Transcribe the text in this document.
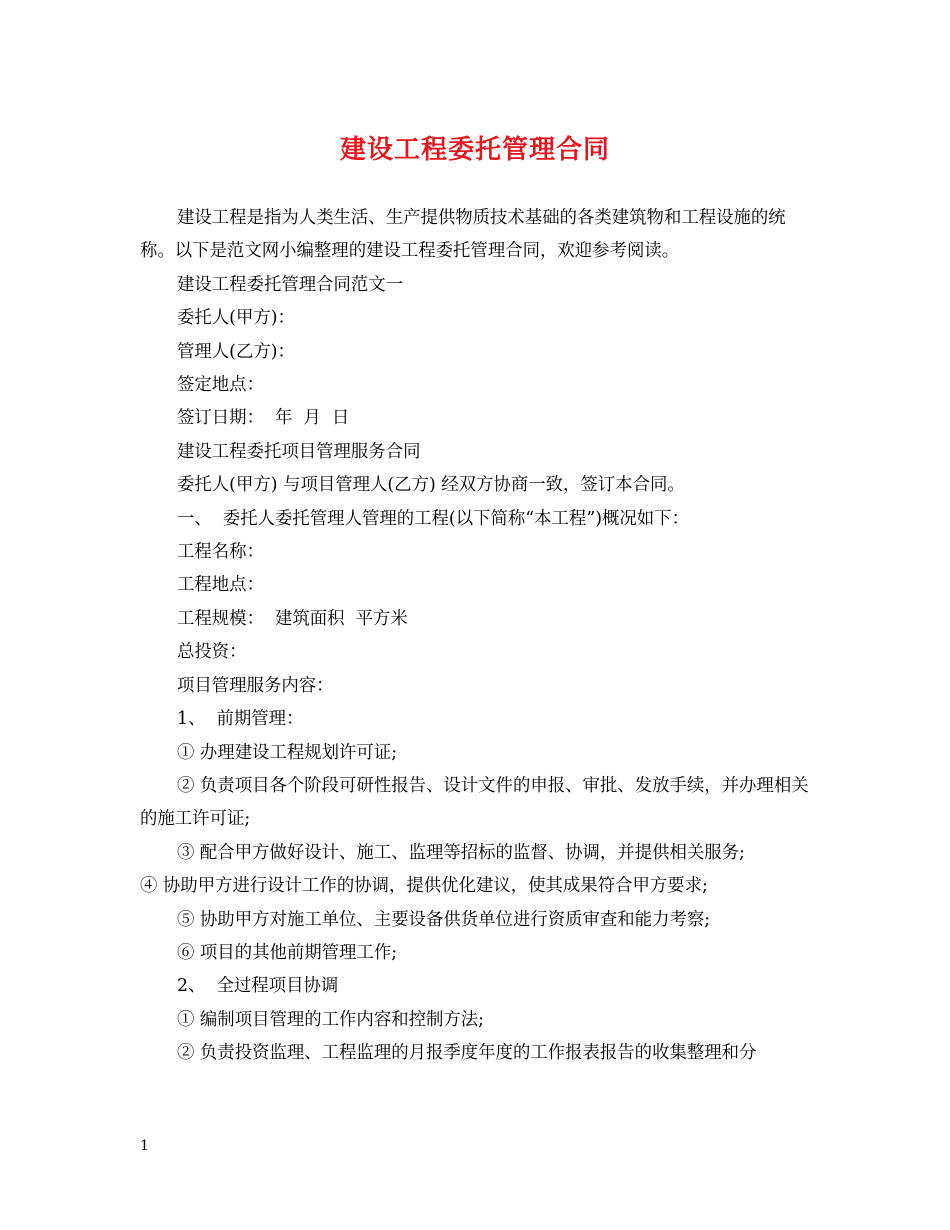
建设工程委托管理合同

建设工程是指为人类生活、生产提供物质技术基础的各类建筑物和工程设施的统称。以下是范文网小编整理的建设工程委托管理合同，欢迎参考阅读。

建设工程委托管理合同范文一

委托人(甲方)：

管理人(乙方)：

签定地点：

签订日期：  年  月  日

建设工程委托项目管理服务合同

委托人(甲方) 与项目管理人(乙方) 经双方协商一致，签订本合同。

一、  委托人委托管理人管理的工程(以下简称“本工程”)概况如下：

工程名称：

工程地点：

工程规模：  建筑面积  平方米

总投资：

项目管理服务内容：

1、  前期管理：

① 办理建设工程规划许可证;

② 负责项目各个阶段可研性报告、设计文件的申报、审批、发放手续，并办理相关的施工许可证;

③ 配合甲方做好设计、施工、监理等招标的监督、协调，并提供相关服务;

④ 协助甲方进行设计工作的协调，提供优化建议，使其成果符合甲方要求;

⑤ 协助甲方对施工单位、主要设备供货单位进行资质审查和能力考察;

⑥ 项目的其他前期管理工作;

2、  全过程项目协调

① 编制项目管理的工作内容和控制方法;

② 负责投资监理、工程监理的月报季度年度的工作报表报告的收集整理和分

1
